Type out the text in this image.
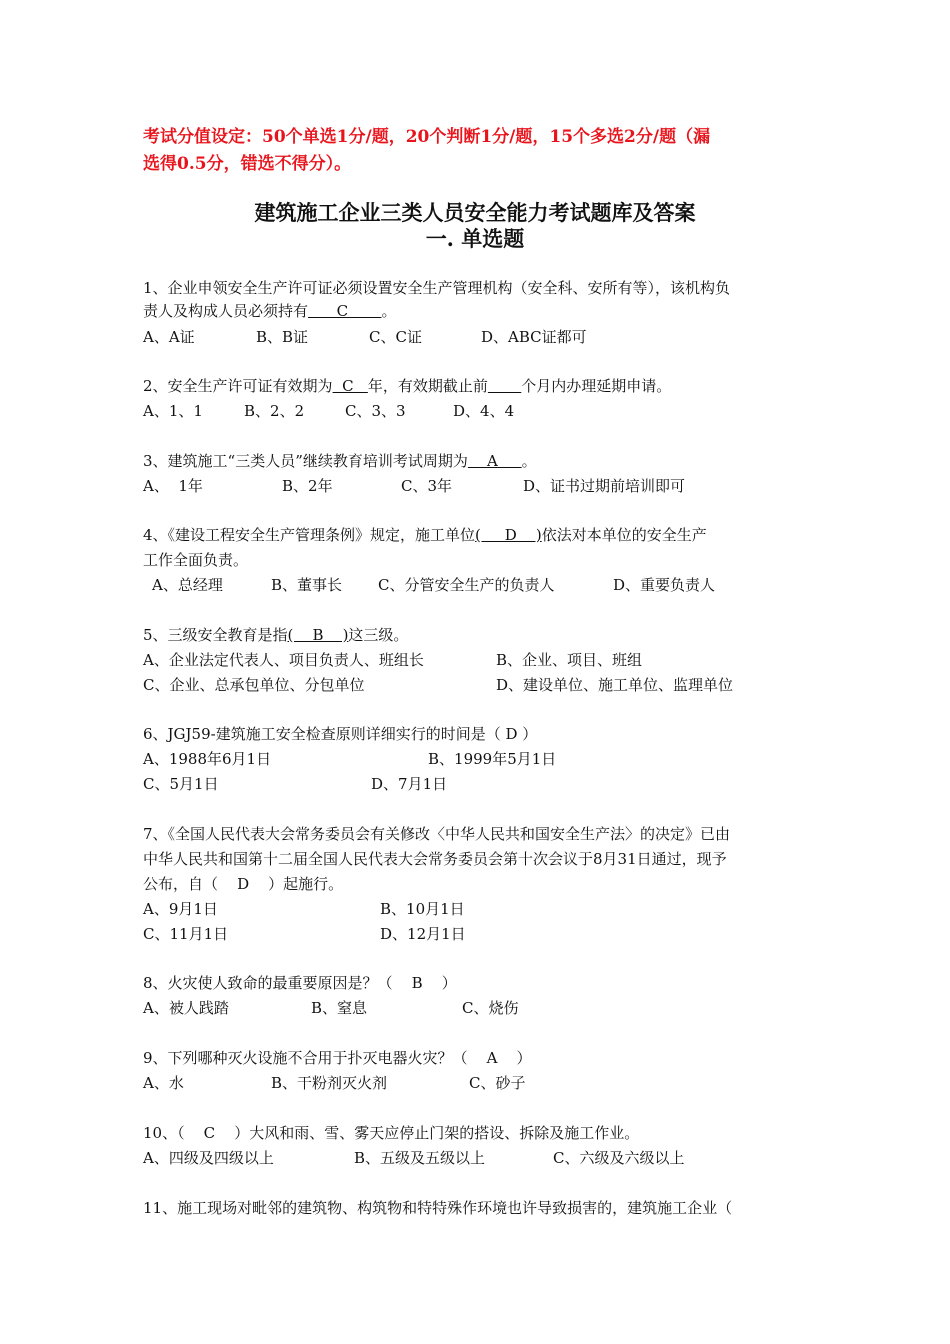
考试分值设定：50个单选1分/题，20个判断1分/题，15个多选2分/题（漏
选得0.5分，错选不得分）。
建筑施工企业三类人员安全能力考试题库及答案
一. 单选题
1、企业申领安全生产许可证必须设置安全生产管理机构（安全科、安所有等），该机构负
责人及构成人员必须持有      C       。
A、A证	B、B证	C、C证	D、ABC证都可
2、安全生产许可证有效期为  C   年，有效期截止前 个月内办理延期申请。
A、1、1	B、2、2	C、3、3	D、4、4
3、建筑施工“三类人员”继续教育培训考试周期为    A     。
A、  1年	B、2年	C、3年	D、证书过期前培训即可
4、《建设工程安全生产管理条例》规定，施工单位(     D    )依法对本单位的安全生产
工作全面负责。
A、总经理	B、董事长 C、分管安全生产的负责人	D、重要负责人
5、三级安全教育是指(    B    )这三级。
A、企业法定代表人、项目负责人、班组长	B、企业、项目、班组
C、企业、总承包单位、分包单位	D、建设单位、施工单位、监理单位
6、JGJ59-建筑施工安全检查原则详细实行的时间是（ D ）
A、1988年6月1日	B、1999年5月1日
C、5月1日	D、7月1日
7、《全国人民代表大会常务委员会有关修改〈中华人民共和国安全生产法〉的决定》已由
中华人民共和国第十二届全国人民代表大会常务委员会第十次会议于8月31日通过，现予
公布，自（    D    ）起施行。
A、9月1日	B、10月1日
C、11月1日	D、12月1日
8、火灾使人致命的最重要原因是？（    B    ）
A、被人践踏	B、窒息	C、烧伤
9、下列哪种灭火设施不合用于扑灭电器火灾？（    A    ）
A、水	B、干粉剂灭火剂	C、砂子
10、（    C    ）大风和雨、雪、雾天应停止门架的搭设、拆除及施工作业。
A、四级及四级以上	B、五级及五级以上	C、六级及六级以上
11、施工现场对毗邻的建筑物、构筑物和特特殊作环境也许导致损害的，建筑施工企业（
